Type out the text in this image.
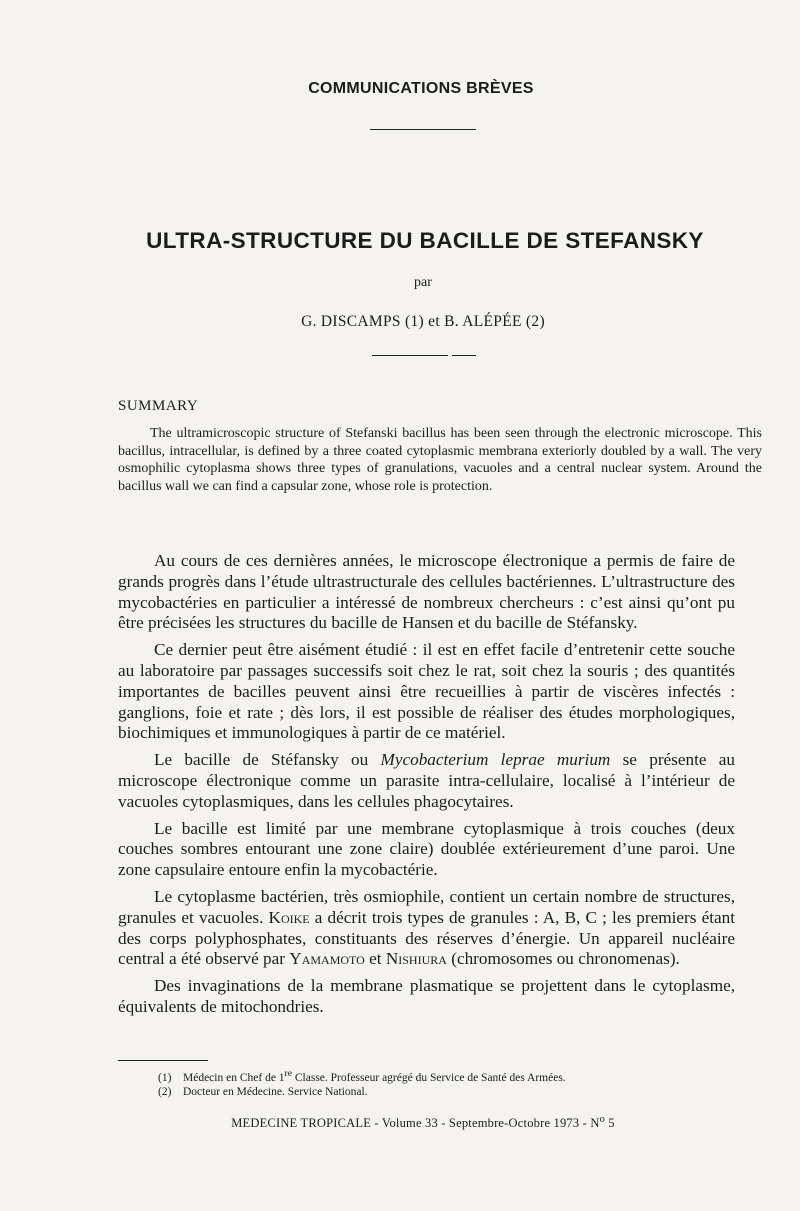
COMMUNICATIONS BRÈVES
ULTRA-STRUCTURE DU BACILLE DE STEFANSKY
par
G. DISCAMPS (1) et B. ALÉPÉE (2)
SUMMARY

The ultramicroscopic structure of Stefanski bacillus has been seen through the electronic microscope. This bacillus, intracellular, is defined by a three coated cytoplasmic membrana exteriorly doubled by a wall. The very osmophilic cytoplasma shows three types of granulations, vacuoles and a central nuclear system. Around the bacillus wall we can find a capsular zone, whose role is protection.

Au cours de ces dernières années, le microscope électronique a permis de faire de grands progrès dans l’étude ultrastructurale des cellules bactériennes. L’ultrastructure des mycobactéries en particulier a intéressé de nombreux chercheurs : c’est ainsi qu’ont pu être précisées les structures du bacille de Hansen et du bacille de Stéfansky.

Ce dernier peut être aisément étudié : il est en effet facile d’entretenir cette souche au laboratoire par passages successifs soit chez le rat, soit chez la souris ; des quantités importantes de bacilles peuvent ainsi être recueillies à partir de viscères infectés : ganglions, foie et rate ; dès lors, il est possible de réaliser des études morphologiques, biochimiques et immunologiques à partir de ce matériel.

Le bacille de Stéfansky ou Mycobacterium leprae murium se présente au microscope électronique comme un parasite intra-cellulaire, localisé à l’intérieur de vacuoles cytoplasmiques, dans les cellules phagocytaires.

Le bacille est limité par une membrane cytoplasmique à trois couches (deux couches sombres entourant une zone claire) doublée extérieurement d’une paroi. Une zone capsulaire entoure enfin la mycobactérie.

Le cytoplasme bactérien, très osmiophile, contient un certain nombre de structures, granules et vacuoles. Koike a décrit trois types de granules : A, B, C ; les premiers étant des corps polyphosphates, constituants des réserves d’énergie. Un appareil nucléaire central a été observé par Yamamoto et Nishiura (chromosomes ou chronomenas).

Des invaginations de la membrane plasmatique se projettent dans le cytoplasme, équivalents de mitochondries.

(1) Médecin en Chef de 1re Classe. Professeur agrégé du Service de Santé des Armées.
(2) Docteur en Médecine. Service National.
MEDECINE TROPICALE - Volume 33 - Septembre-Octobre $1973 - N^o$ 5
